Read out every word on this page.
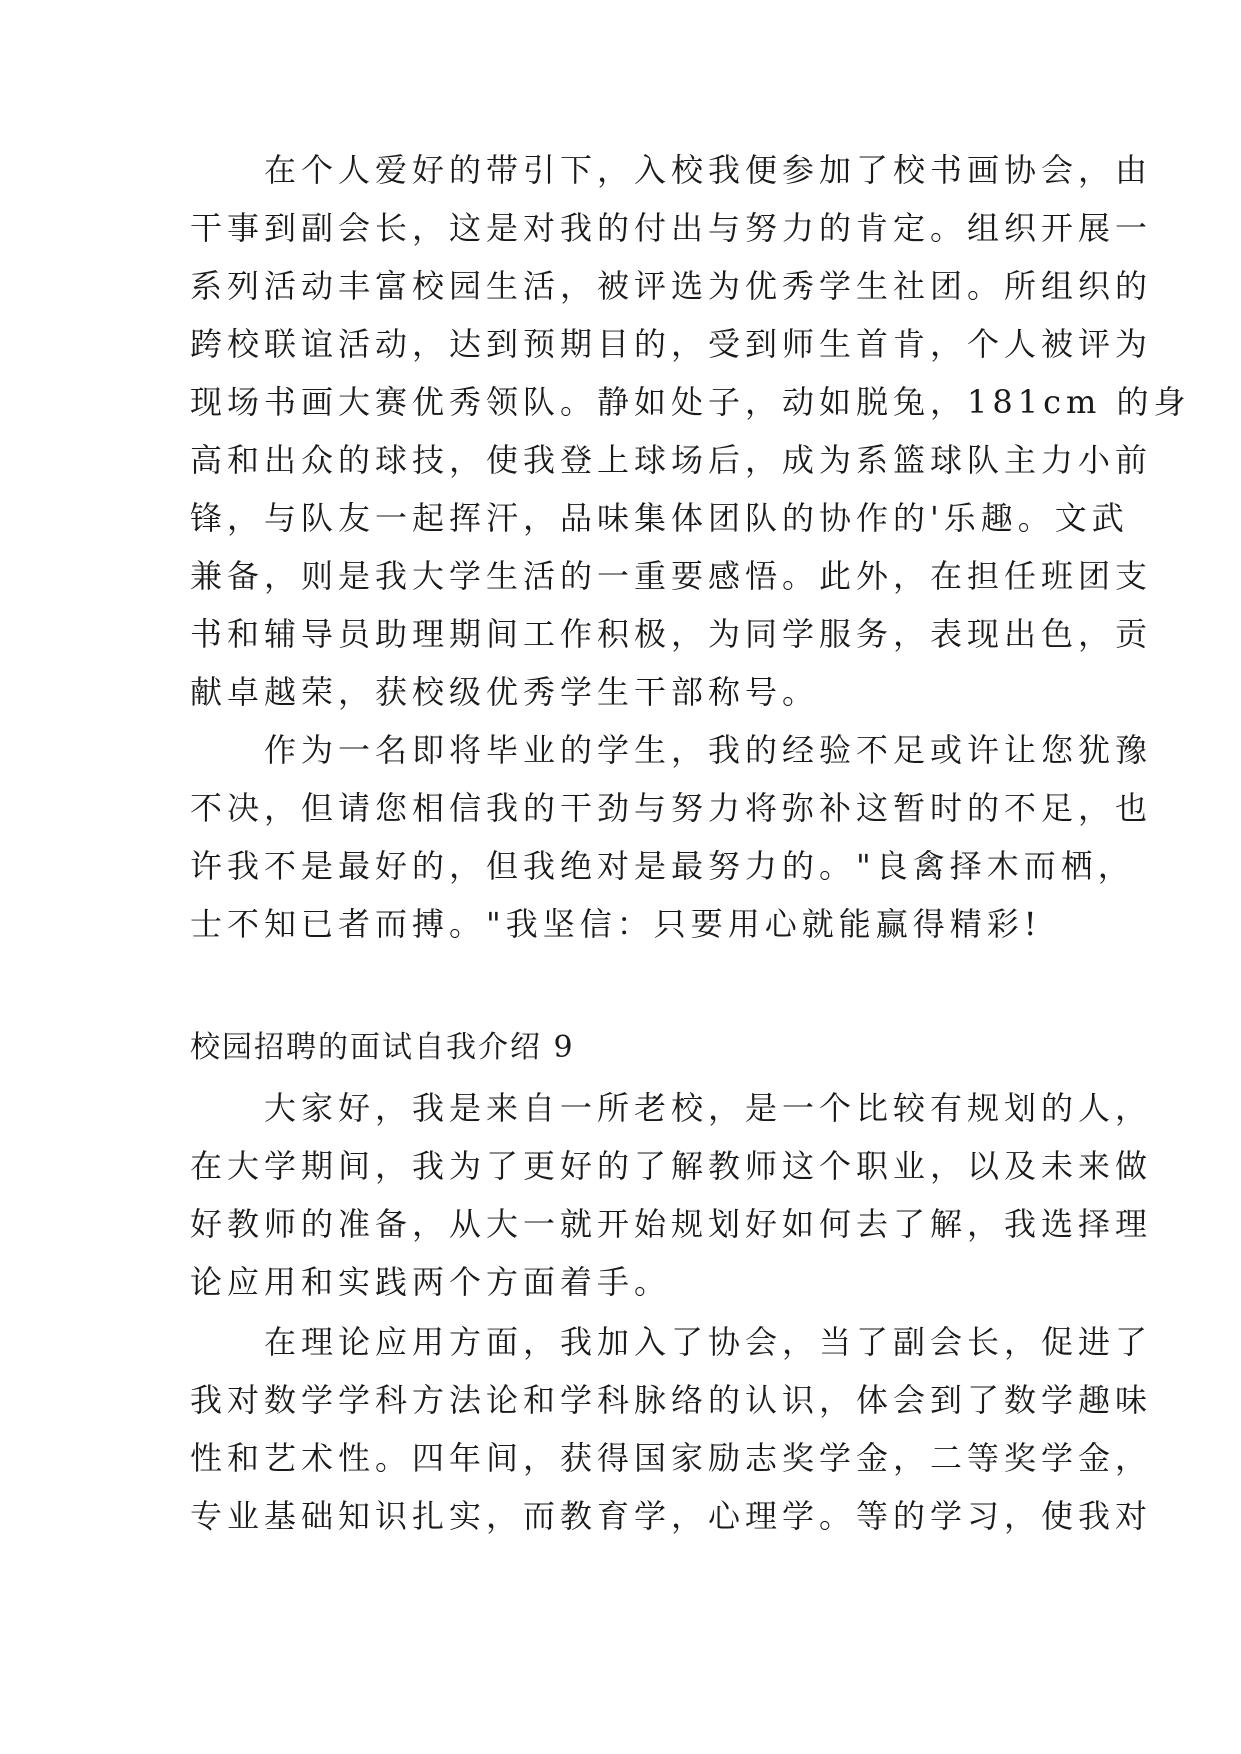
　　在个人爱好的带引下，入校我便参加了校书画协会，由
干事到副会长，这是对我的付出与努力的肯定。组织开展一
系列活动丰富校园生活，被评选为优秀学生社团。所组织的
跨校联谊活动，达到预期目的，受到师生首肯，个人被评为
现场书画大赛优秀领队。静如处子，动如脱兔，181cm 的身
高和出众的球技，使我登上球场后，成为系篮球队主力小前
锋，与队友一起挥汗，品味集体团队的协作的'乐趣。文武
兼备，则是我大学生活的一重要感悟。此外，在担任班团支
书和辅导员助理期间工作积极，为同学服务，表现出色，贡
献卓越荣，获校级优秀学生干部称号。
　　作为一名即将毕业的学生，我的经验不足或许让您犹豫
不决，但请您相信我的干劲与努力将弥补这暂时的不足，也
许我不是最好的，但我绝对是最努力的。"良禽择木而栖，
士不知已者而搏。"我坚信：只要用心就能赢得精彩!
校园招聘的面试自我介绍 9
　　大家好，我是来自一所老校，是一个比较有规划的人，
在大学期间，我为了更好的了解教师这个职业，以及未来做
好教师的准备，从大一就开始规划好如何去了解，我选择理
论应用和实践两个方面着手。
　　在理论应用方面，我加入了协会，当了副会长，促进了
我对数学学科方法论和学科脉络的认识，体会到了数学趣味
性和艺术性。四年间，获得国家励志奖学金，二等奖学金，
专业基础知识扎实，而教育学，心理学。等的学习，使我对
